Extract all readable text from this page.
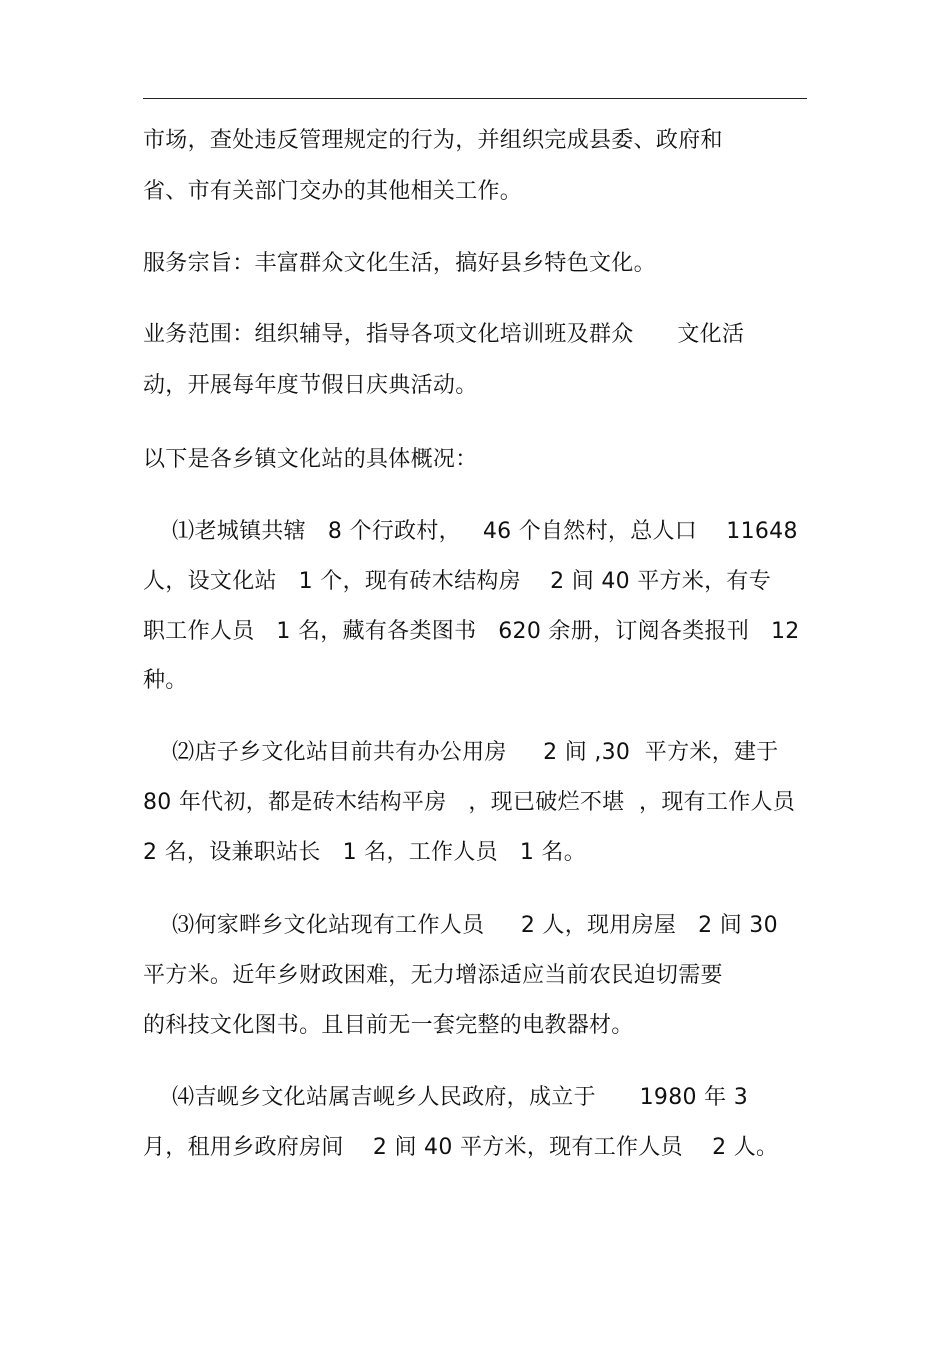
市场，查处违反管理规定的行为，并组织完成县委、政府和
省、市有关部门交办的其他相关工作。
服务宗旨：丰富群众文化生活，搞好县乡特色文化。
业务范围：组织辅导，指导各项文化培训班及群众      文化活
动，开展每年度节假日庆典活动。
以下是各乡镇文化站的具体概况：
⑴老城镇共辖   8 个行政村，   46 个自然村，总人口    11648
人，设文化站   1 个，现有砖木结构房    2 间 40 平方米，有专
职工作人员   1 名，藏有各类图书   620 余册，订阅各类报刊   12
种。
⑵店子乡文化站目前共有办公用房     2 间 ,30  平方米，建于
80 年代初，都是砖木结构平房   ，现已破烂不堪  ，现有工作人员
2 名，设兼职站长   1 名，工作人员   1 名。
⑶何家畔乡文化站现有工作人员     2 人，现用房屋   2 间 30
平方米。近年乡财政困难，无力增添适应当前农民迫切需要
的科技文化图书。且目前无一套完整的电教器材。
⑷吉岘乡文化站属吉岘乡人民政府，成立于      1980 年 3
月，租用乡政府房间    2 间 40 平方米，现有工作人员    2 人。
